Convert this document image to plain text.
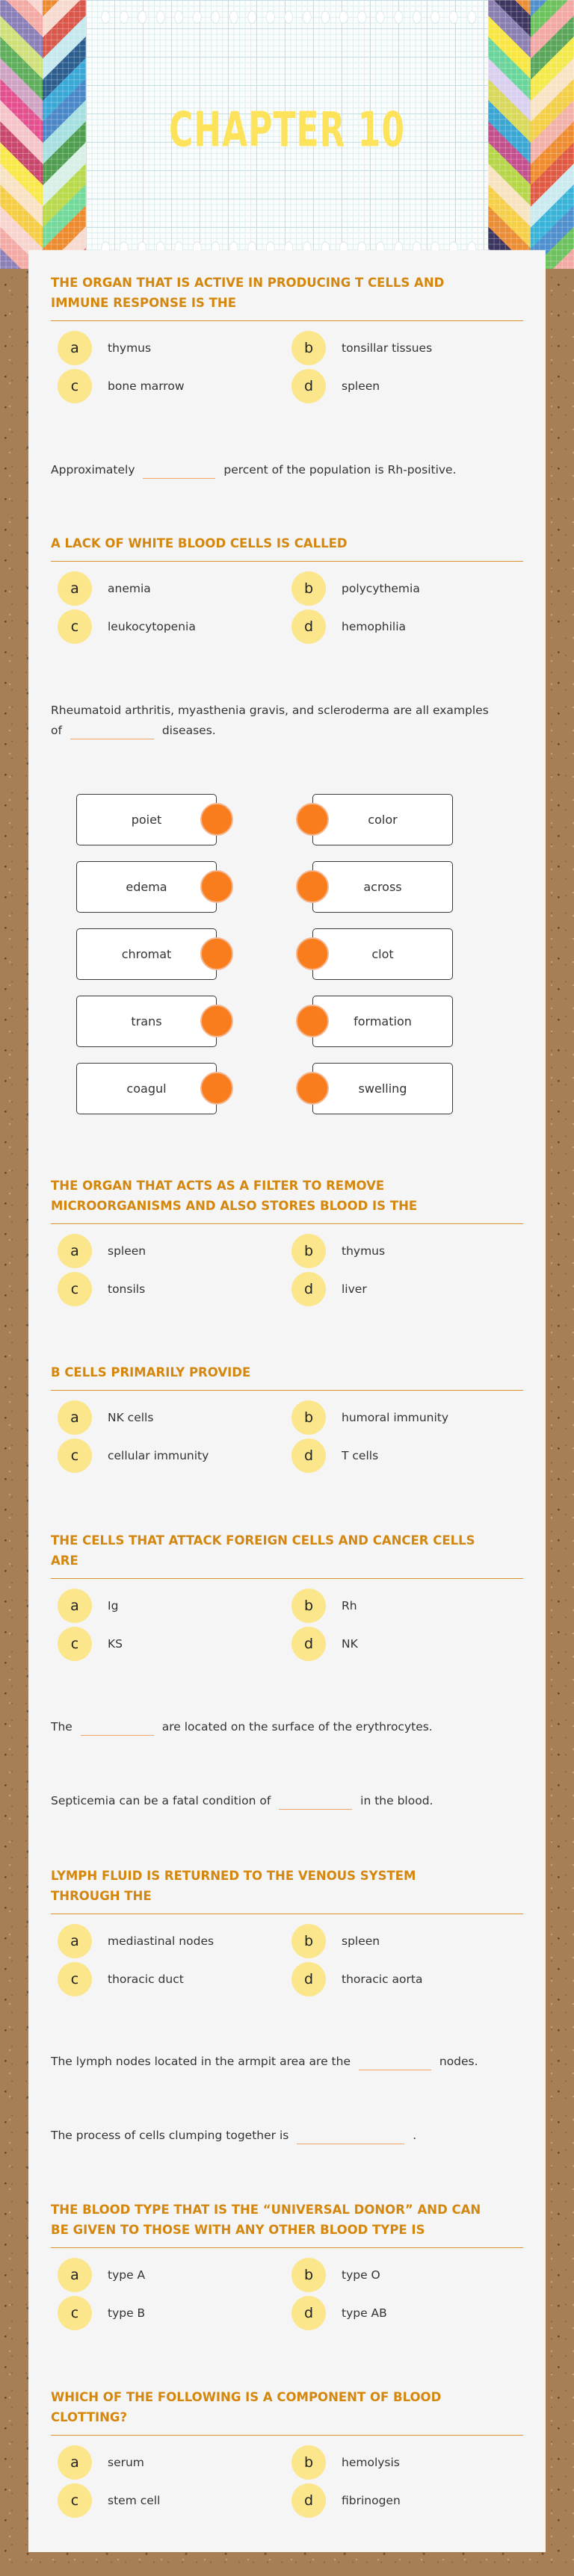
CHAPTER 10
THE ORGAN THAT IS ACTIVE IN PRODUCING T CELLS AND
IMMUNE RESPONSE IS THE
a	thymus	b	tonsillar tissues
c	bone marrow	d	spleen
Approximately	percent of the population is Rh-positive.
A LACK OF WHITE BLOOD CELLS IS CALLED
a	anemia	b	polycythemia
c	leukocytopenia	d	hemophilia
Rheumatoid arthritis, myasthenia gravis, and scleroderma are all examples
of	diseases.
poiet	color
edema	across
chromat	clot
trans	formation
coagul	swelling
THE ORGAN THAT ACTS AS A FILTER TO REMOVE
MICROORGANISMS AND ALSO STORES BLOOD IS THE
a	spleen	b	thymus
c	tonsils	d	liver
B CELLS PRIMARILY PROVIDE
a	NK cells	b	humoral immunity
c	cellular immunity	d	T cells
THE CELLS THAT ATTACK FOREIGN CELLS AND CANCER CELLS
ARE
a	Ig	b	Rh
c	KS	d	NK
The	are located on the surface of the erythrocytes.
Septicemia can be a fatal condition of	in the blood.
LYMPH FLUID IS RETURNED TO THE VENOUS SYSTEM
THROUGH THE
a	mediastinal nodes	b	spleen
c	thoracic duct	d	thoracic aorta
The lymph nodes located in the armpit area are the	nodes.
The process of cells clumping together is	.
THE BLOOD TYPE THAT IS THE “UNIVERSAL DONOR” AND CAN
BE GIVEN TO THOSE WITH ANY OTHER BLOOD TYPE IS
a	type A	b	type O
c	type B	d	type AB
WHICH OF THE FOLLOWING IS A COMPONENT OF BLOOD
CLOTTING?
a	serum	b	hemolysis
c	stem cell	d	fibrinogen
